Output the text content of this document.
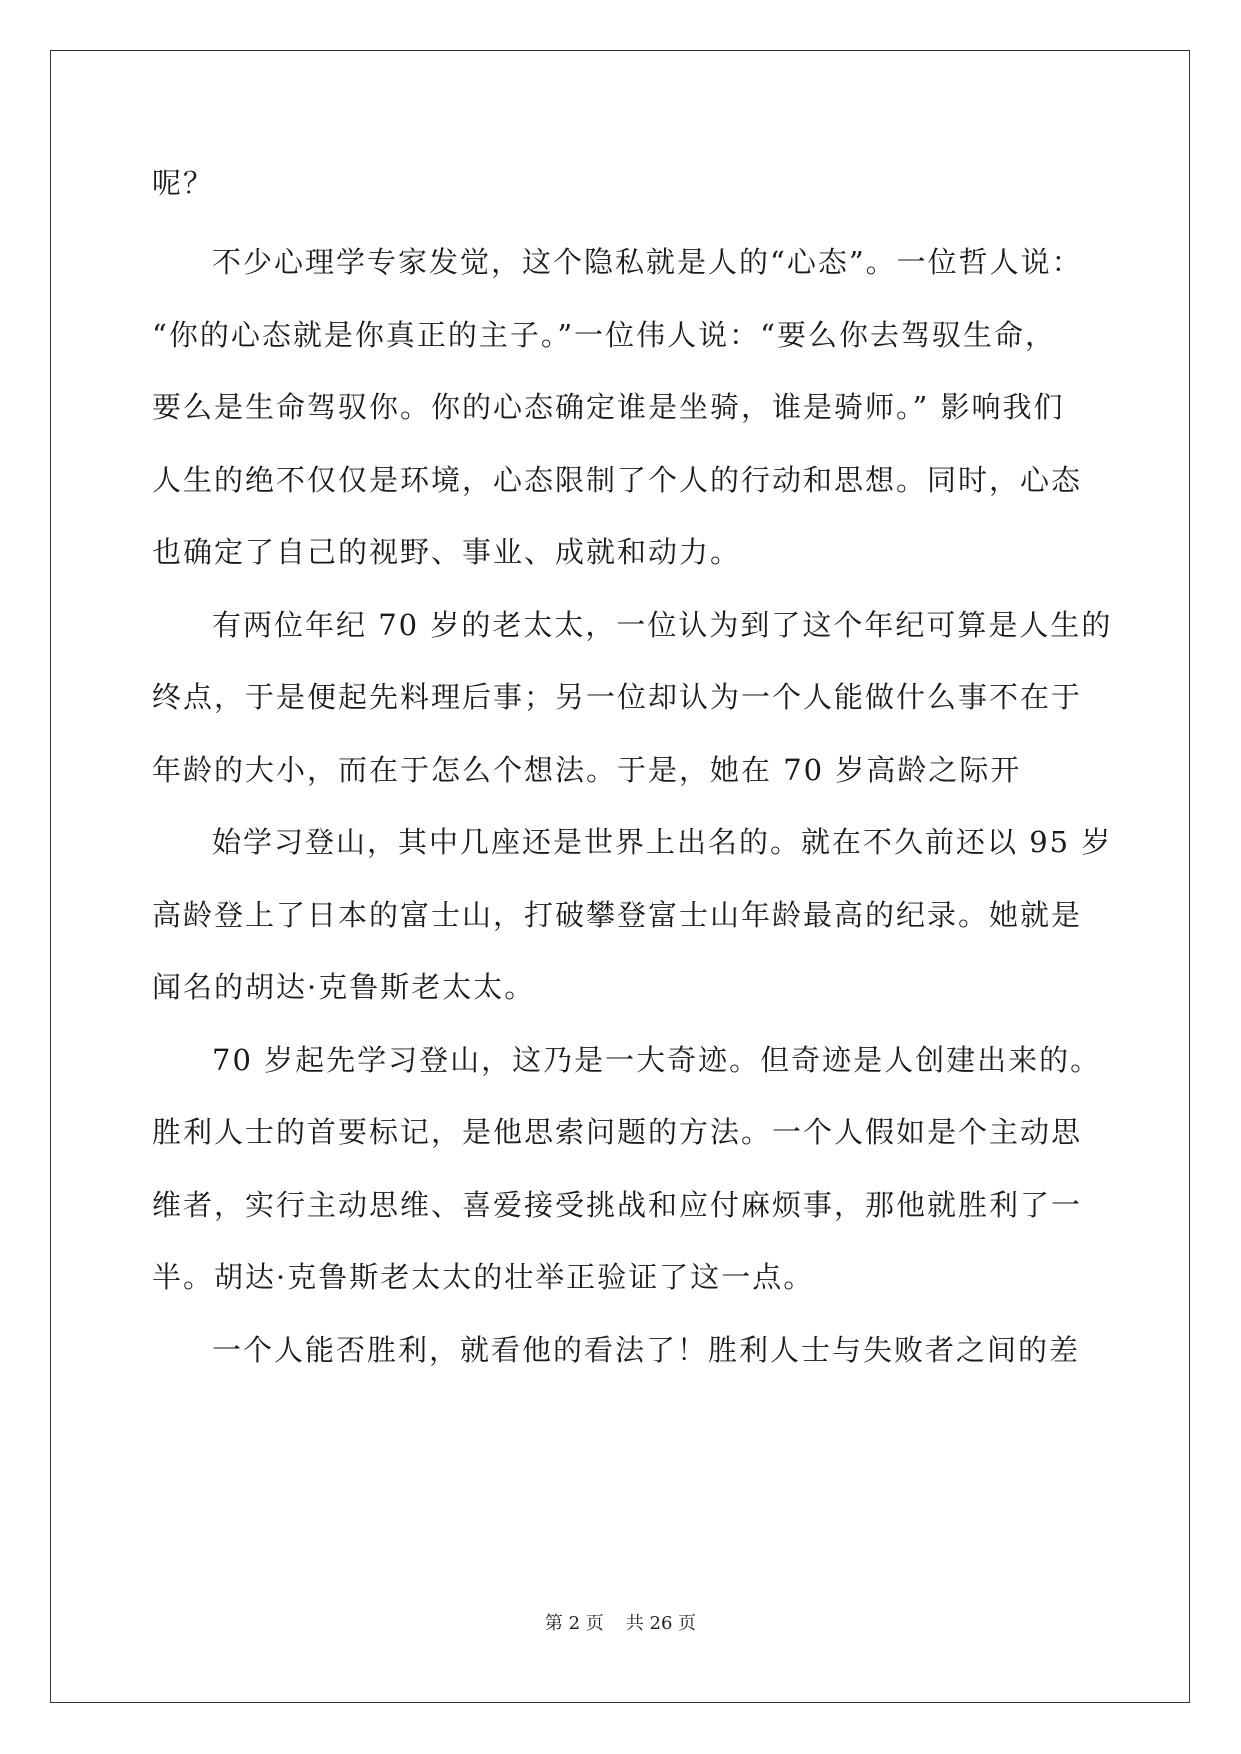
呢？
不少心理学专家发觉，这个隐私就是人的“心态”。一位哲人说：
“你的心态就是你真正的主子。”一位伟人说：“要么你去驾驭生命，
要么是生命驾驭你。你的心态确定谁是坐骑，谁是骑师。” 影响我们
人生的绝不仅仅是环境，心态限制了个人的行动和思想。同时，心态
也确定了自己的视野、事业、成就和动力。
有两位年纪 70 岁的老太太，一位认为到了这个年纪可算是人生的
终点，于是便起先料理后事；另一位却认为一个人能做什么事不在于
年龄的大小，而在于怎么个想法。于是，她在 70 岁高龄之际开
始学习登山，其中几座还是世界上出名的。就在不久前还以 95 岁
高龄登上了日本的富士山，打破攀登富士山年龄最高的纪录。她就是
闻名的胡达·克鲁斯老太太。
70 岁起先学习登山，这乃是一大奇迹。但奇迹是人创建出来的。
胜利人士的首要标记，是他思索问题的方法。一个人假如是个主动思
维者，实行主动思维、喜爱接受挑战和应付麻烦事，那他就胜利了一
半。胡达·克鲁斯老太太的壮举正验证了这一点。
一个人能否胜利，就看他的看法了！胜利人士与失败者之间的差
第 2 页 共 26 页
